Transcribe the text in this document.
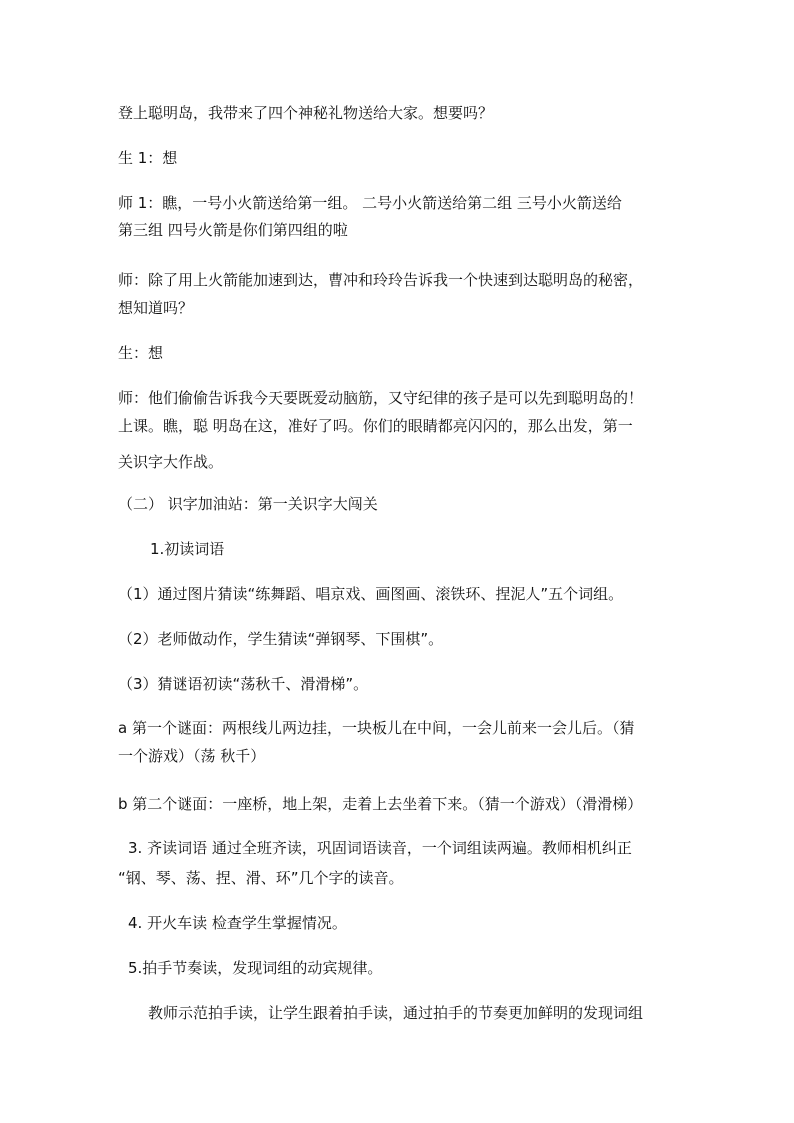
登上聪明岛，我带来了四个神秘礼物送给大家。想要吗？
生 1：想
师 1：瞧，一号小火箭送给第一组。 二号小火箭送给第二组 三号小火箭送给
第三组 四号火箭是你们第四组的啦
师：除了用上火箭能加速到达，曹冲和玲玲告诉我一个快速到达聪明岛的秘密，
想知道吗？
生：想
师：他们偷偷告诉我今天要既爱动脑筋，又守纪律的孩子是可以先到聪明岛的！
上课。瞧，聪 明岛在这，准好了吗。你们的眼睛都亮闪闪的，那么出发，第一
关识字大作战。
（二） 识字加油站：第一关识字大闯关
1.初读词语
（1）通过图片猜读“练舞蹈、唱京戏、画图画、滚铁环、捏泥人”五个词组。
（2）老师做动作，学生猜读“弹钢琴、下围棋”。
（3）猜谜语初读“荡秋千、滑滑梯”。
a 第一个谜面：两根线儿两边挂，一块板儿在中间，一会儿前来一会儿后。（猜
一个游戏）（荡 秋千）
b 第二个谜面：一座桥，地上架，走着上去坐着下来。（猜一个游戏）（滑滑梯）
3. 齐读词语 通过全班齐读，巩固词语读音，一个词组读两遍。教师相机纠正
“钢、琴、荡、捏、滑、环”几个字的读音。
4. 开火车读 检查学生掌握情况。
5.拍手节奏读，发现词组的动宾规律。
教师示范拍手读，让学生跟着拍手读，通过拍手的节奏更加鲜明的发现词组
